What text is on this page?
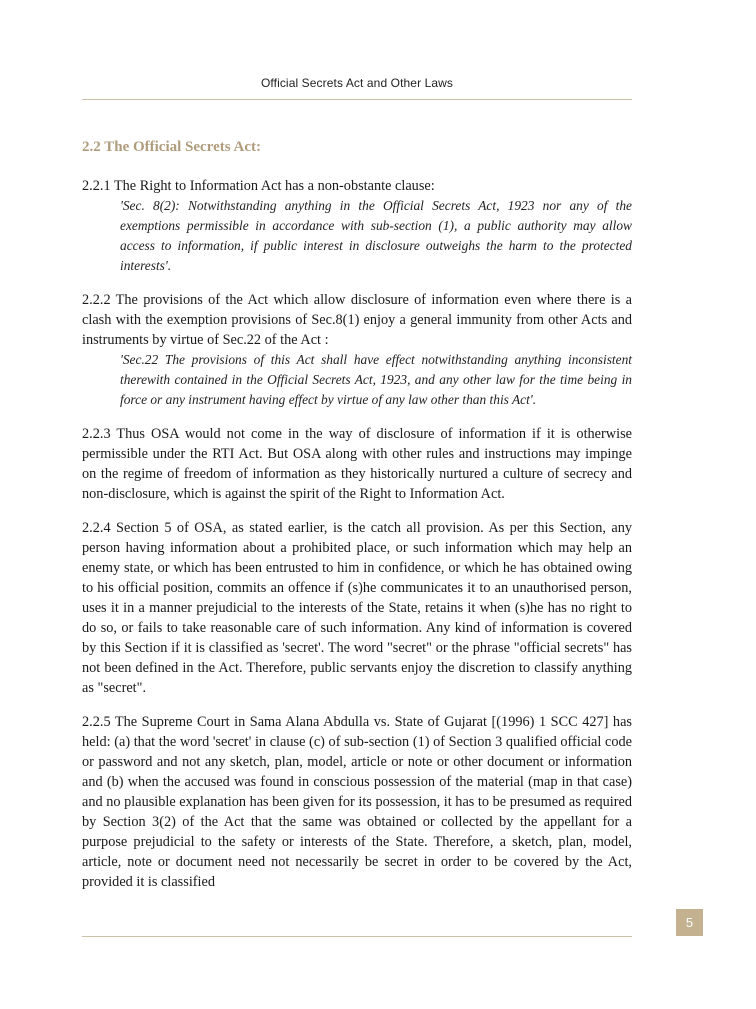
Official Secrets Act and Other Laws
2.2 The Official Secrets Act:
2.2.1 The Right to Information Act has a non-obstante clause:
'Sec. 8(2): Notwithstanding anything in the Official Secrets Act, 1923 nor any of the exemptions permissible in accordance with sub-section (1), a public authority may allow access to information, if public interest in disclosure outweighs the harm to the protected interests'.
2.2.2 The provisions of the Act which allow disclosure of information even where there is a clash with the exemption provisions of Sec.8(1) enjoy a general immunity from other Acts and instruments by virtue of Sec.22 of the Act :
'Sec.22 The provisions of this Act shall have effect notwithstanding anything inconsistent therewith contained in the Official Secrets Act, 1923, and any other law for the time being in force or any instrument having effect by virtue of any law other than this Act'.
2.2.3 Thus OSA would not come in the way of disclosure of information if it is otherwise permissible under the RTI Act. But OSA along with other rules and instructions may impinge on the regime of freedom of information as they historically nurtured a culture of secrecy and non-disclosure, which is against the spirit of the Right to Information Act.
2.2.4 Section 5 of OSA, as stated earlier, is the catch all provision. As per this Section, any person having information about a prohibited place, or such information which may help an enemy state, or which has been entrusted to him in confidence, or which he has obtained owing to his official position, commits an offence if (s)he communicates it to an unauthorised person, uses it in a manner prejudicial to the interests of the State, retains it when (s)he has no right to do so, or fails to take reasonable care of such information. Any kind of information is covered by this Section if it is classified as 'secret'. The word "secret" or the phrase "official secrets" has not been defined in the Act. Therefore, public servants enjoy the discretion to classify anything as "secret".
2.2.5 The Supreme Court in Sama Alana Abdulla vs. State of Gujarat [(1996) 1 SCC 427] has held: (a) that the word 'secret' in clause (c) of sub-section (1) of Section 3 qualified official code or password and not any sketch, plan, model, article or note or other document or information and (b) when the accused was found in conscious possession of the material (map in that case) and no plausible explanation has been given for its possession, it has to be presumed as required by Section 3(2) of the Act that the same was obtained or collected by the appellant for a purpose prejudicial to the safety or interests of the State. Therefore, a sketch, plan, model, article, note or document need not necessarily be secret in order to be covered by the Act, provided it is classified
5
